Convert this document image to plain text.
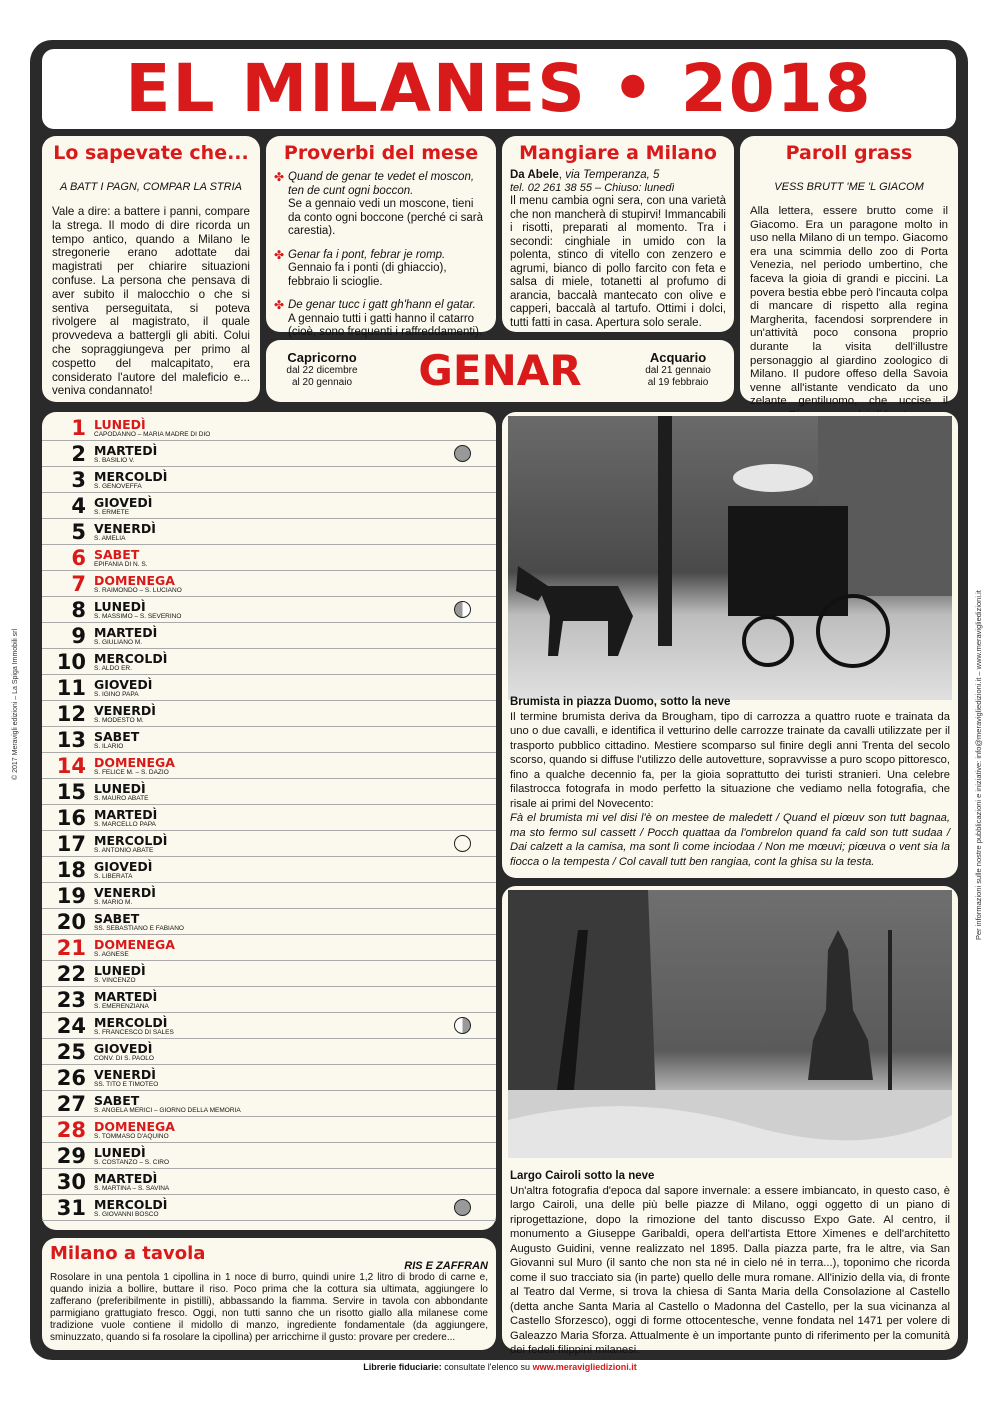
EL MILANES • 2018
Lo sapevate che...
A BATT I PAGN, COMPAR LA STRIA
Vale a dire: a battere i panni, compare la strega. Il modo di dire ricorda un tempo antico, quando a Milano le stregonerie erano adottate dai magistrati per chiarire situazioni confuse. La persona che pensava di aver subito il malocchio o che si sentiva perseguitata, si poteva rivolgere al magistrato, il quale provvedeva a battergli gli abiti. Colui che sopraggiungeva per primo al cospetto del malcapitato, era considerato l'autore del maleficio e... veniva condannato!
Proverbi del mese
✤ Quand de genar te vedet el moscon, ten de cunt ogni boccon.
Se a gennaio vedi un moscone, tieni da conto ogni boccone (perché ci sarà carestia).
✤ Genar fa i pont, febrar je romp.
Gennaio fa i ponti (di ghiaccio), febbraio li scioglie.
✤ De genar tucc i gatt gh'hann el gatar.
A gennaio tutti i gatti hanno il catarro (cioè, sono frequenti i raffreddamenti).
Mangiare a Milano
Da Abele, via Temperanza, 5
tel. 02 261 38 55 – Chiuso: lunedì
Il menu cambia ogni sera, con una varietà che non mancherà di stupirvi! Immancabili i risotti, preparati al momento. Tra i secondi: cinghiale in umido con la polenta, stinco di vitello con zenzero e agrumi, bianco di pollo farcito con feta e salsa di miele, totanetti al profumo di arancia, baccalà mantecato con olive e capperi, baccalà al tartufo. Ottimi i dolci, tutti fatti in casa. Apertura solo serale.
Paroll grass
VESS BRUTT 'ME 'L GIACOM
Alla lettera, essere brutto come il Giacomo. Era un paragone molto in uso nella Milano di un tempo. Giacomo era una scimmia dello zoo di Porta Venezia, nel periodo umbertino, che faceva la gioia di grandi e piccini. La povera bestia ebbe però l'incauta colpa di mancare di rispetto alla regina Margherita, facendosi sorprendere in un'attività poco consona proprio durante la visita dell'illustre personaggio al giardino zoologico di Milano. Il pudore offeso della Savoia venne all'istante vendicato da uno zelante gentiluomo, che uccise il
Capricorno
dal 22 dicembre
al 20 gennaio	GENAR	Acquario
dal 21 gennaio
al 19 febbraio
1 LUNEDÌ
CAPODANNO – MARIA MADRE DI DIO
2 MARTEDÌ
S. BASILIO V.
3 MERCOLDÌ
S. GENOVEFFA
4 GIOVEDÌ
S. ERMETE
5 VENERDÌ
S. AMELIA
6 SABET
EPIFANIA DI N. S.
7 DOMENEGA
S. RAIMONDO – S. LUCIANO
8 LUNEDÌ
S. MASSIMO – S. SEVERINO
9 MARTEDÌ
S. GIULIANO M.
10 MERCOLDÌ
S. ALDO ER.
11 GIOVEDÌ
S. IGINO PAPA
12 VENERDÌ
S. MODESTO M.
13 SABET
S. ILARIO
14 DOMENEGA
S. FELICE M. – S. DAZIO
15 LUNEDÌ
S. MAURO ABATE
16 MARTEDÌ
S. MARCELLO PAPA
17 MERCOLDÌ
S. ANTONIO ABATE
18 GIOVEDÌ
S. LIBERATA
19 VENERDÌ
S. MARIO M.
20 SABET
SS. SEBASTIANO E FABIANO
21 DOMENEGA
S. AGNESE
22 LUNEDÌ
S. VINCENZO
23 MARTEDÌ
S. EMERENZIANA
24 MERCOLDÌ
S. FRANCESCO DI SALES
25 GIOVEDÌ
CONV. DI S. PAOLO
26 VENERDÌ
SS. TITO E TIMOTEO
27 SABET
S. ANGELA MERICI – GIORNO DELLA MEMORIA
28 DOMENEGA
S. TOMMASO D'AQUINO
29 LUNEDÌ
S. COSTANZO – S. CIRO
30 MARTEDÌ
S. MARTINA – S. SAVINA
31 MERCOLDÌ
S. GIOVANNI BOSCO
Brumista in piazza Duomo, sotto la neve
Il termine brumista deriva da Brougham, tipo di carrozza a quattro ruote e trainata da uno o due cavalli, e identifica il vetturino delle carrozze trainate da cavalli utilizzate per il trasporto pubblico cittadino. Mestiere scomparso sul finire degli anni Trenta del secolo scorso, quando si diffuse l'utilizzo delle autovetture, sopravvisse a puro scopo pittoresco, fino a qualche decennio fa, per la gioia soprattutto dei turisti stranieri. Una celebre filastrocca fotografa in modo perfetto la situazione che vediamo nella fotografia, che risale ai primi del Novecento:
Fà el brumista mi vel disi l'è on mestee de maledett / Quand el piœuv son tutt bagnaa, ma sto fermo sul cassett / Pocch quattaa da l'ombrelon quand fa cald son tutt sudaa / Dai calzett a la camisa, ma sont lì come inciodaa / Non me mœuvi; piœuva o vent sia la fiocca o la tempesta / Col cavall tutt ben rangiaa, cont la ghisa su la testa.
Largo Cairoli sotto la neve
Un'altra fotografia d'epoca dal sapore invernale: a essere imbiancato, in questo caso, è largo Cairoli, una delle più belle piazze di Milano, oggi oggetto di un piano di riprogettazione, dopo la rimozione del tanto discusso Expo Gate. Al centro, il monumento a Giuseppe Garibaldi, opera dell'artista Ettore Ximenes e dell'architetto Augusto Guidini, venne realizzato nel 1895. Dalla piazza parte, fra le altre, via San Giovanni sul Muro (il santo che non sta né in cielo né in terra...), toponimo che ricorda come il suo tracciato sia (in parte) quello delle mura romane. All'inizio della via, di fronte al Teatro dal Verme, si trova la chiesa di Santa Maria della Consolazione al Castello (detta anche Santa Maria al Castello o Madonna del Castello, per la sua vicinanza al Castello Sforzesco), oggi di forme ottocentesche, venne fondata nel 1471 per volere di Galeazzo Maria Sforza. Attualmente è un importante punto di riferimento per la comunità dei fedeli filippini milanesi.
Milano a tavola
RIS E ZAFFRAN
Rosolare in una pentola 1 cipollina in 1 noce di burro, quindi unire 1,2 litro di brodo di carne e, quando inizia a bollire, buttare il riso. Poco prima che la cottura sia ultimata, aggiungere lo zafferano (preferibilmente in pistilli), abbassando la fiamma. Servire in tavola con abbondante parmigiano grattugiato fresco. Oggi, non tutti sanno che un risotto giallo alla milanese come tradizione vuole contiene il midollo di manzo, ingrediente fondamentale (da aggiungere, sminuzzato, quando si fa rosolare la cipollina) per arricchirne il gusto: provare per credere...
Librerie fiduciarie: consultate l'elenco su www.meravigliedizioni.it
© 2017 Meravigli edizioni – La Spiga Immobili srl	Per informazioni sulle nostre pubblicazioni e iniziative: info@meravigliedizioni.it – www.meravigliedizioni.it
